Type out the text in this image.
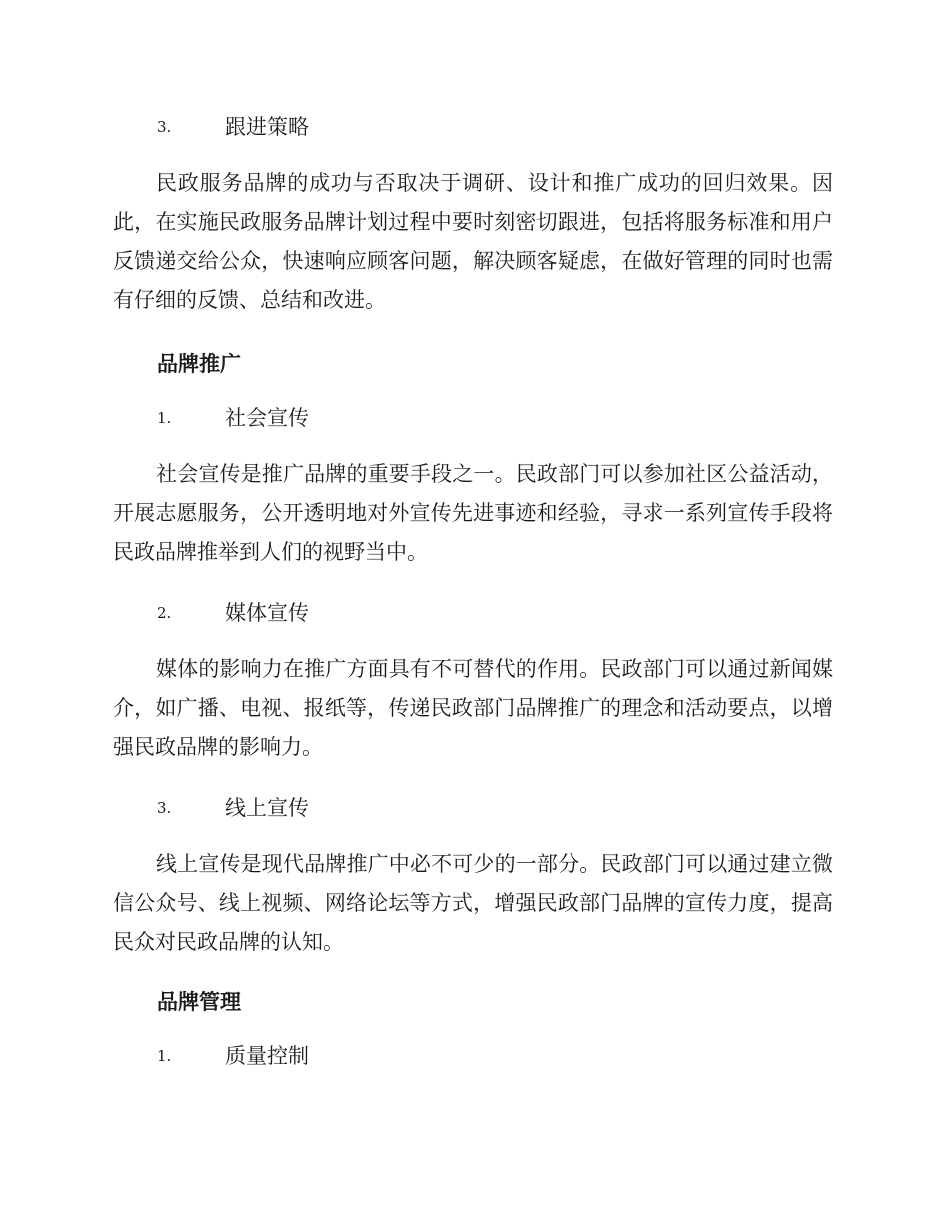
3.	跟进策略

民政服务品牌的成功与否取决于调研、设计和推广成功的回归效果。因此，在实施民政服务品牌计划过程中要时刻密切跟进，包括将服务标准和用户反馈递交给公众，快速响应顾客问题，解决顾客疑虑，在做好管理的同时也需有仔细的反馈、总结和改进。

品牌推广
1.	社会宣传

社会宣传是推广品牌的重要手段之一。民政部门可以参加社区公益活动，开展志愿服务，公开透明地对外宣传先进事迹和经验，寻求一系列宣传手段将民政品牌推举到人们的视野当中。

2.	媒体宣传

媒体的影响力在推广方面具有不可替代的作用。民政部门可以通过新闻媒介，如广播、电视、报纸等，传递民政部门品牌推广的理念和活动要点，以增强民政品牌的影响力。

3.	线上宣传

线上宣传是现代品牌推广中必不可少的一部分。民政部门可以通过建立微信公众号、线上视频、网络论坛等方式，增强民政部门品牌的宣传力度，提高民众对民政品牌的认知。

品牌管理
1.	质量控制
